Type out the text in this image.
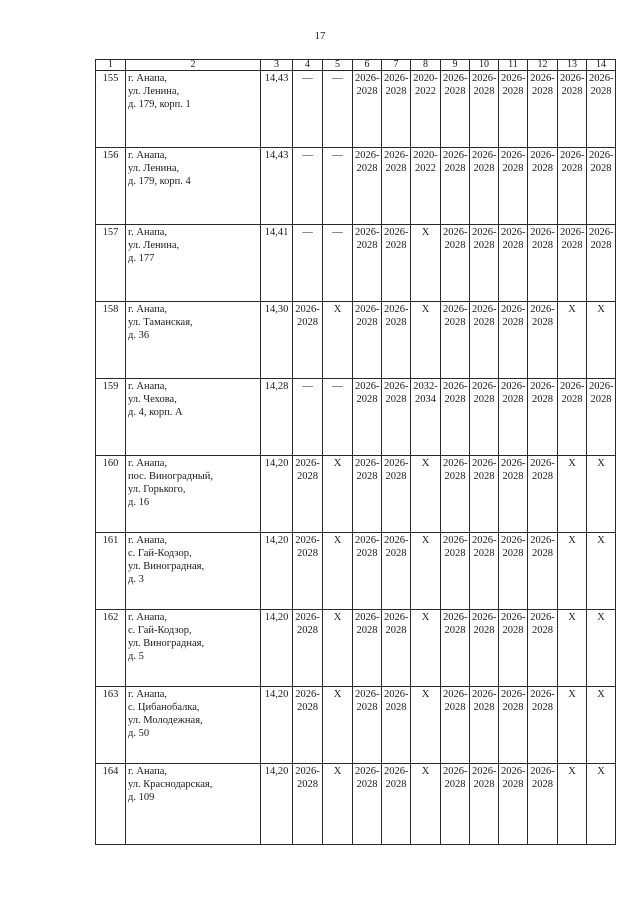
17
1	2	3	4	5	6	7	8	9	10	11	12	13	14
155	г. Анапа,
ул. Ленина,
д. 179, корп. 1	14,43	—	—	2026-
2028	2026-
2028	2020-
2022	2026-
2028	2026-
2028	2026-
2028	2026-
2028	2026-
2028	2026-
2028
156	г. Анапа,
ул. Ленина,
д. 179, корп. 4	14,43	—	—	2026-
2028	2026-
2028	2020-
2022	2026-
2028	2026-
2028	2026-
2028	2026-
2028	2026-
2028	2026-
2028
157	г. Анапа,
ул. Ленина,
д. 177	14,41	—	—	2026-
2028	2026-
2028	X	2026-
2028	2026-
2028	2026-
2028	2026-
2028	2026-
2028	2026-
2028
158	г. Анапа,
ул. Таманская,
д. 36	14,30	2026-
2028	X	2026-
2028	2026-
2028	X	2026-
2028	2026-
2028	2026-
2028	2026-
2028	X	X
159	г. Анапа,
ул. Чехова,
д. 4, корп. А	14,28	—	—	2026-
2028	2026-
2028	2032-
2034	2026-
2028	2026-
2028	2026-
2028	2026-
2028	2026-
2028	2026-
2028
160	г. Анапа,
пос. Виноградный,
ул. Горького,
д. 16	14,20	2026-
2028	X	2026-
2028	2026-
2028	X	2026-
2028	2026-
2028	2026-
2028	2026-
2028	X	X
161	г. Анапа,
с. Гай-Кодзор,
ул. Виноградная,
д. 3	14,20	2026-
2028	X	2026-
2028	2026-
2028	X	2026-
2028	2026-
2028	2026-
2028	2026-
2028	X	X
162	г. Анапа,
с. Гай-Кодзор,
ул. Виноградная,
д. 5	14,20	2026-
2028	X	2026-
2028	2026-
2028	X	2026-
2028	2026-
2028	2026-
2028	2026-
2028	X	X
163	г. Анапа,
с. Цибанобалка,
ул. Молодежная,
д. 50	14,20	2026-
2028	X	2026-
2028	2026-
2028	X	2026-
2028	2026-
2028	2026-
2028	2026-
2028	X	X
164	г. Анапа,
ул. Краснодарская,
д. 109	14,20	2026-
2028	X	2026-
2028	2026-
2028	X	2026-
2028	2026-
2028	2026-
2028	2026-
2028	X	X
